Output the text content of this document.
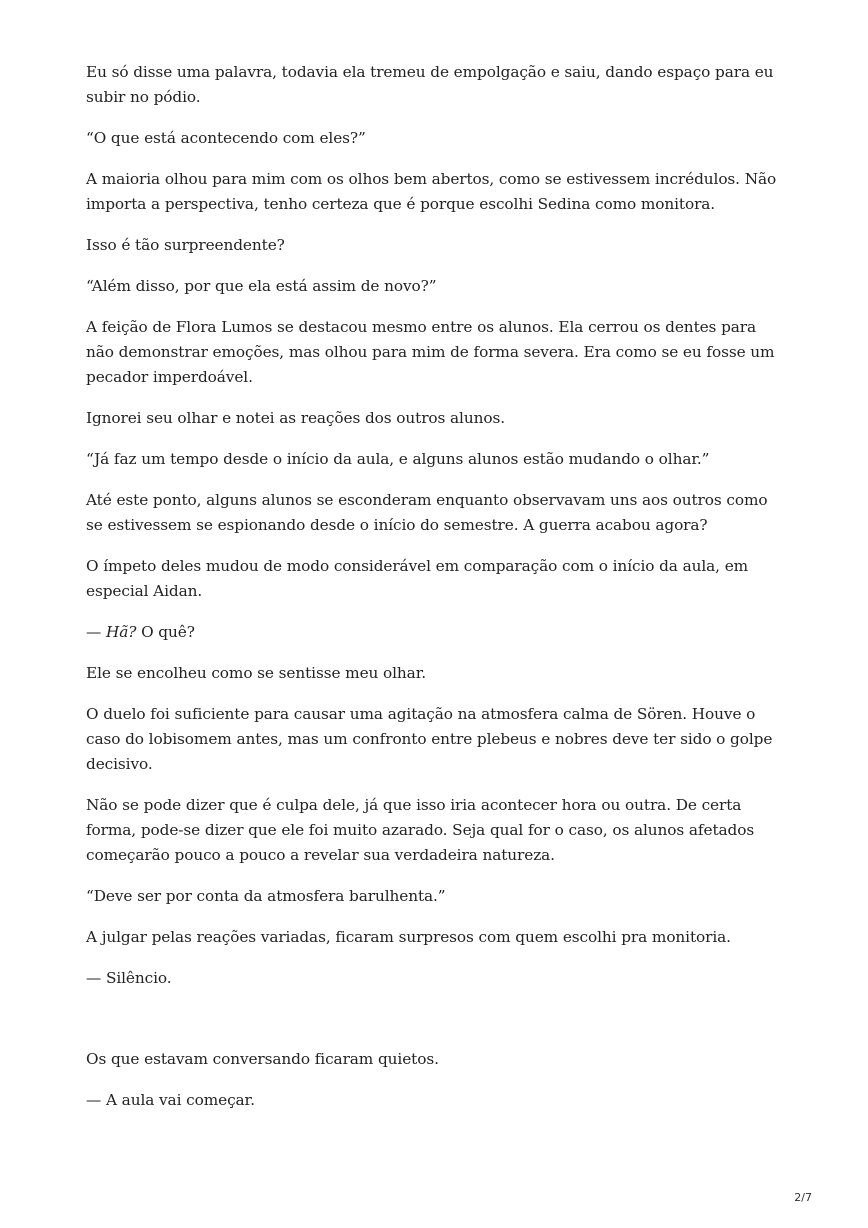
Eu só disse uma palavra, todavia ela tremeu de empolgação e saiu, dando espaço para eu subir no pódio.

“O que está acontecendo com eles?”

A maioria olhou para mim com os olhos bem abertos, como se estivessem incrédulos. Não importa a perspectiva, tenho certeza que é porque escolhi Sedina como monitora.

Isso é tão surpreendente?

“Além disso, por que ela está assim de novo?”

A feição de Flora Lumos se destacou mesmo entre os alunos. Ela cerrou os dentes para não demonstrar emoções, mas olhou para mim de forma severa. Era como se eu fosse um pecador imperdoável.

Ignorei seu olhar e notei as reações dos outros alunos.

“Já faz um tempo desde o início da aula, e alguns alunos estão mudando o olhar.”

Até este ponto, alguns alunos se esconderam enquanto observavam uns aos outros como se estivessem se espionando desde o início do semestre. A guerra acabou agora?

O ímpeto deles mudou de modo considerável em comparação com o início da aula, em especial Aidan.

— Hã? O quê?

Ele se encolheu como se sentisse meu olhar.

O duelo foi suficiente para causar uma agitação na atmosfera calma de Sören. Houve o caso do lobisomem antes, mas um confronto entre plebeus e nobres deve ter sido o golpe decisivo.

Não se pode dizer que é culpa dele, já que isso iria acontecer hora ou outra. De certa forma, pode-se dizer que ele foi muito azarado. Seja qual for o caso, os alunos afetados começarão pouco a pouco a revelar sua verdadeira natureza.

“Deve ser por conta da atmosfera barulhenta.”

A julgar pelas reações variadas, ficaram surpresos com quem escolhi pra monitoria.

— Silêncio.

Os que estavam conversando ficaram quietos.

— A aula vai começar.

2/7
